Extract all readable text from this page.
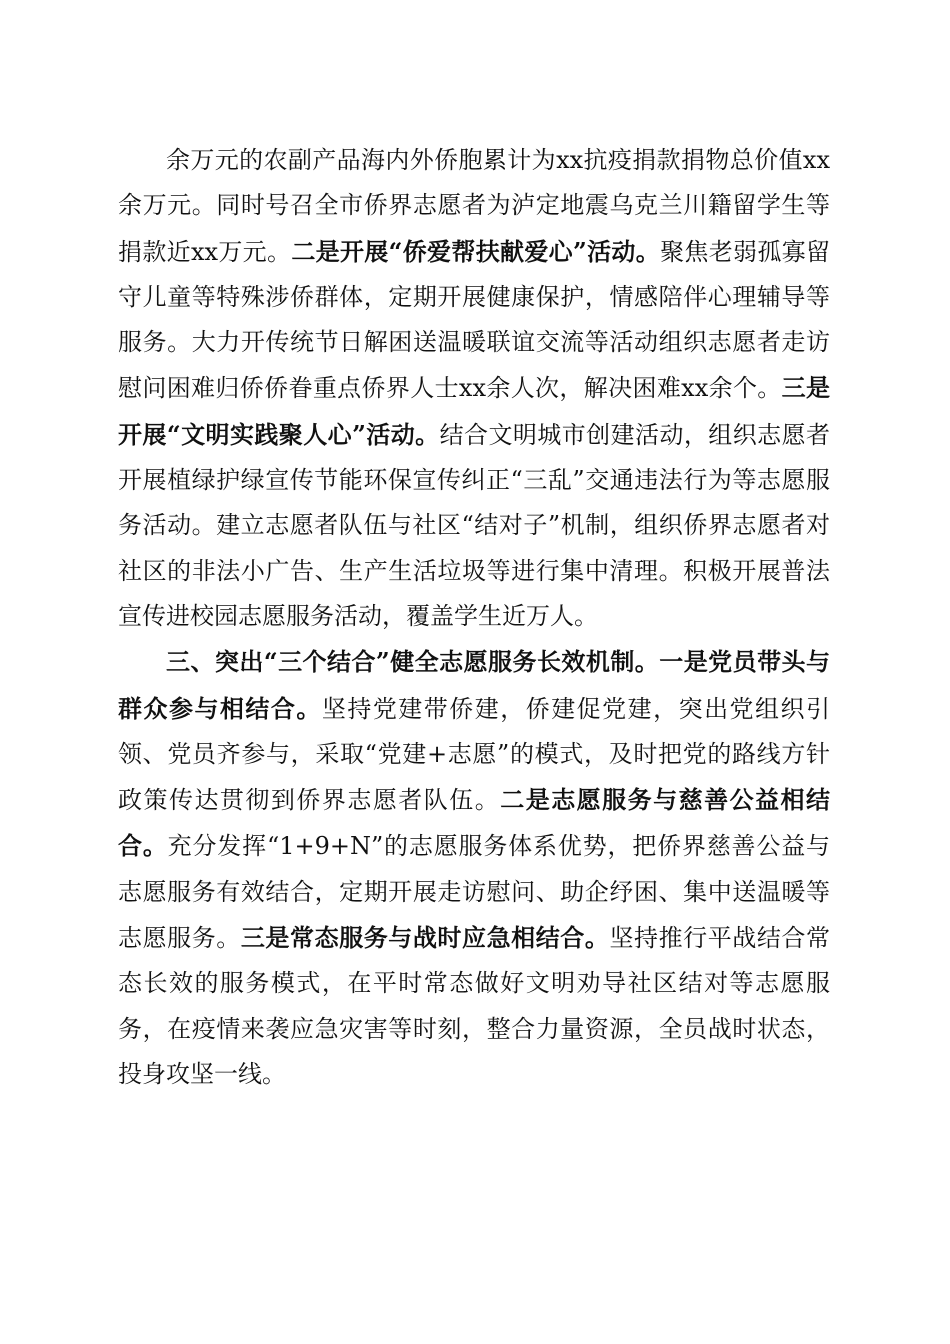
余万元的农副产品海内外侨胞累计为xx抗疫捐款捐物总价值xx余万元。同时号召全市侨界志愿者为泸定地震乌克兰川籍留学生等捐款近xx万元。二是开展“侨爱帮扶献爱心”活动。聚焦老弱孤寡留守儿童等特殊涉侨群体，定期开展健康保护，情感陪伴心理辅导等服务。大力开传统节日解困送温暖联谊交流等活动组织志愿者走访慰问困难归侨侨眷重点侨界人士xx余人次，解决困难xx余个。三是开展“文明实践聚人心”活动。结合文明城市创建活动，组织志愿者开展植绿护绿宣传节能环保宣传纠正“三乱”交通违法行为等志愿服务活动。建立志愿者队伍与社区“结对子”机制，组织侨界志愿者对社区的非法小广告、生产生活垃圾等进行集中清理。积极开展普法宣传进校园志愿服务活动，覆盖学生近万人。

三、突出“三个结合”健全志愿服务长效机制。一是党员带头与群众参与相结合。坚持党建带侨建，侨建促党建，突出党组织引领、党员齐参与，采取“党建+志愿”的模式，及时把党的路线方针政策传达贯彻到侨界志愿者队伍。二是志愿服务与慈善公益相结合。充分发挥“1+9+N”的志愿服务体系优势，把侨界慈善公益与志愿服务有效结合，定期开展走访慰问、助企纾困、集中送温暖等志愿服务。三是常态服务与战时应急相结合。坚持推行平战结合常态长效的服务模式，在平时常态做好文明劝导社区结对等志愿服务，在疫情来袭应急灾害等时刻，整合力量资源，全员战时状态，投身攻坚一线。
